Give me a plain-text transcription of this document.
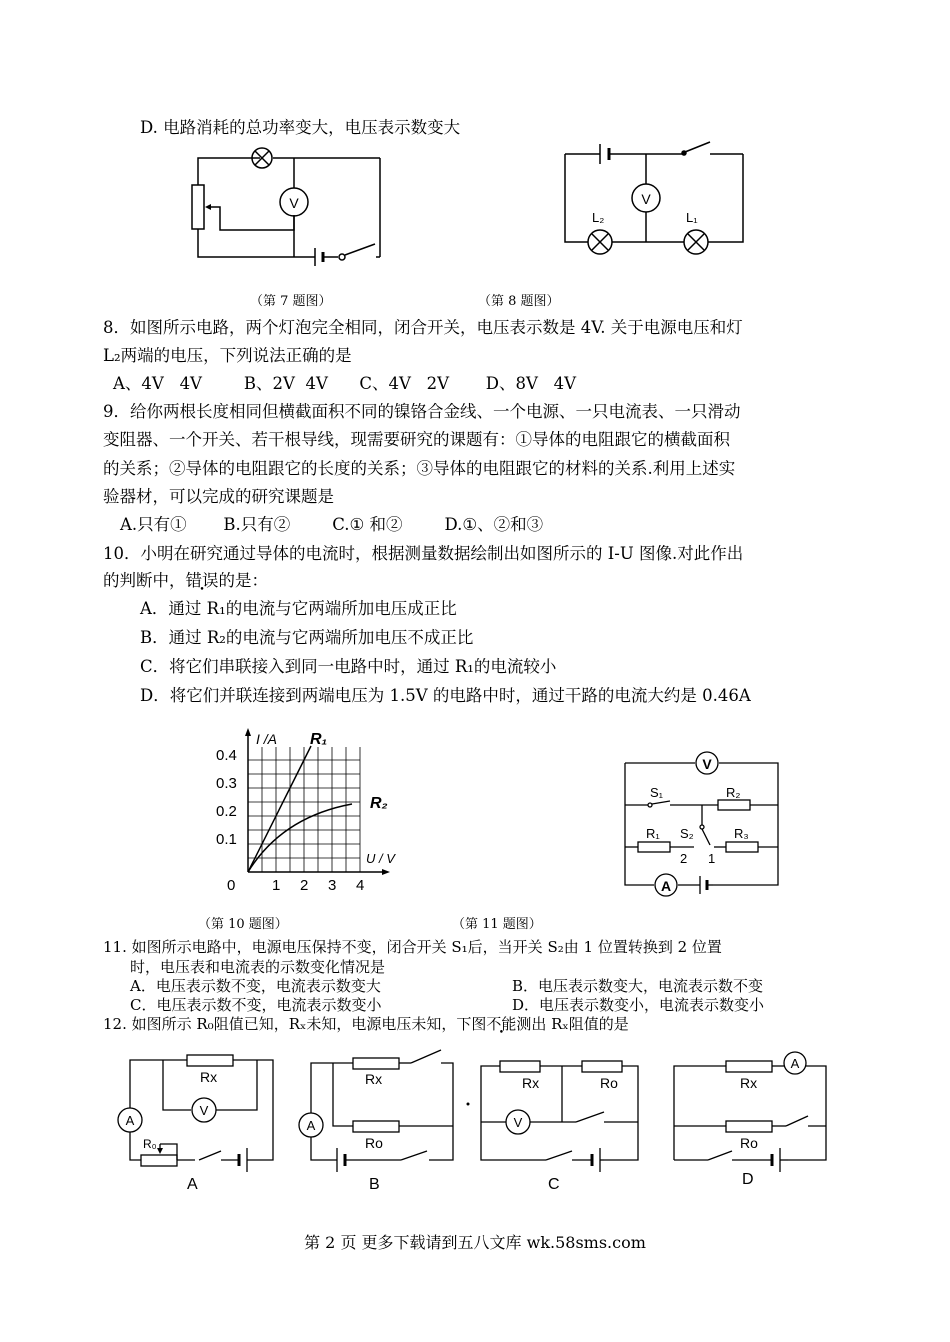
D. 电路消耗的总功率变大，电压表示数变大
V	V
L₂	L₁
（第 7 题图）	（第 8 题图）
8．如图所示电路，两个灯泡完全相同，闭合开关，电压表示数是 4V. 关于电源电压和灯
L₂两端的电压，下列说法正确的是
A、4V   4V        B、2V  4V      C、4V   2V       D、8V   4V
9．给你两根长度相同但横截面积不同的镍铬合金线、一个电源、一只电流表、一只滑动
变阻器、一个开关、若干根导线，现需要研究的课题有：①导体的电阻跟它的横截面积
的关系；②导体的电阻跟它的长度的关系；③导体的电阻跟它的材料的关系.利用上述实
验器材，可以完成的研究课题是
A.只有①       B.只有②        C.① 和②        D.①、②和③
10．小明在研究通过导体的电流时，根据测量数据绘制出如图所示的 I-U 图像.对此作出
的判断中，错误的是：
A．通过 R₁的电流与它两端所加电压成正比
B．通过 R₂的电流与它两端所加电压不成正比
C．将它们串联接入到同一电路中时，通过 R₁的电流较小
D．将它们并联连接到两端电压为 1.5V 的电路中时，通过干路的电流大约是 0.46A
I /A
U / V
R₁
R₂
0.4
0.3
0.2
0.1
0 1 2 3 4
V
A
S₁	R₂
R₁ S₂	R₃
2 1
（第 10 题图）	（第 11 题图）
11. 如图所示电路中，电源电压保持不变，闭合开关 S₁后，当开关 S₂由 1 位置转换到 2 位置
时，电压表和电流表的示数变化情况是
A．电压表示数不变，电流表示数变大	B．电压表示数变大，电流表示数不变
C．电压表示数不变，电流表示数变小	D．电压表示数变小，电流表示数变小
12. 如图所示 R₀阻值已知，Rₓ未知，电源电压未知，下图不能测出 Rₓ阻值的是
Rx
V
A
R₀
A
Rx
Ro
A
B
Rx	Ro
V
C
Rx
Ro
A
D
第 2 页 更多下载请到五八文库 wk.58sms.com
